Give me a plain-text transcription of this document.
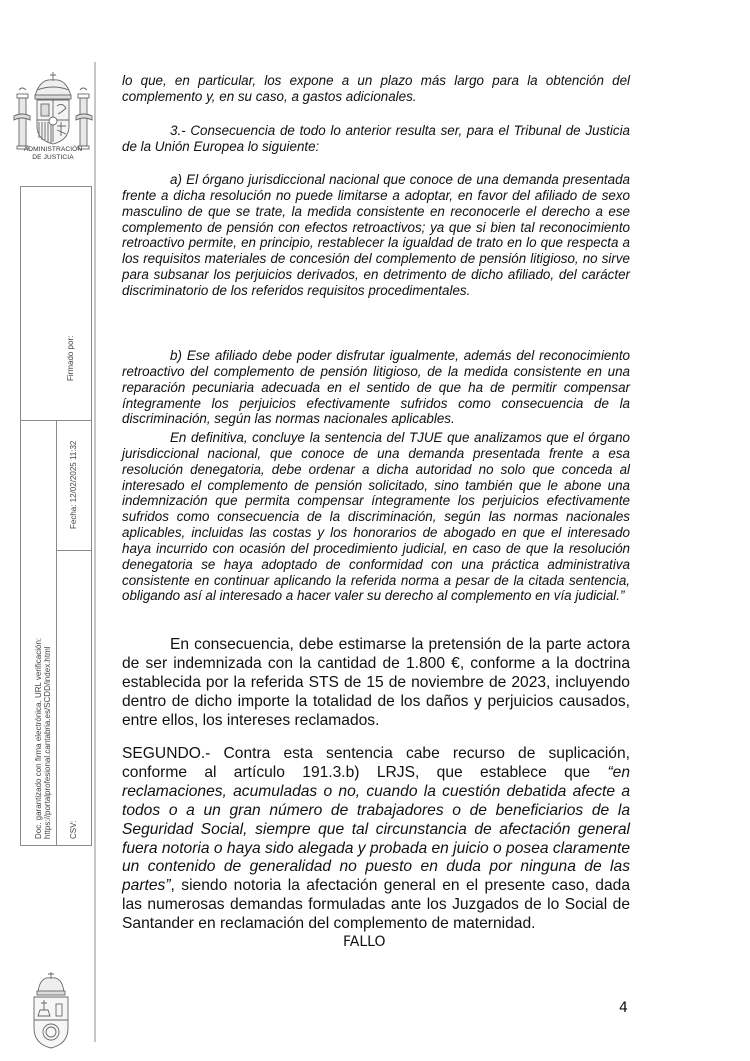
ADMINISTRACIÓN
DE JUSTICIA
Firmado por:
Fecha: 12/02/2025 11:32
Doc. garantizado con firma electrónica. URL verificación: https://portalprofesional.cantabria.es/SCDD/index.html CSV:

lo que, en particular, los expone a un plazo más largo para la obtención del complemento y, en su caso, a gastos adicionales.

3.- Consecuencia de todo lo anterior resulta ser, para el Tribunal de Justicia de la Unión Europea lo siguiente:

a) El órgano jurisdiccional nacional que conoce de una demanda presentada frente a dicha resolución no puede limitarse a adoptar, en favor del afiliado de sexo masculino de que se trate, la medida consistente en reconocerle el derecho a ese complemento de pensión con efectos retroactivos; ya que si bien tal reconocimiento retroactivo permite, en principio, restablecer la igualdad de trato en lo que respecta a los requisitos materiales de concesión del complemento de pensión litigioso, no sirve para subsanar los perjuicios derivados, en detrimento de dicho afiliado, del carácter discriminatorio de los referidos requisitos procedimentales.

b) Ese afiliado debe poder disfrutar igualmente, además del reconocimiento retroactivo del complemento de pensión litigioso, de la medida consistente en una reparación pecuniaria adecuada en el sentido de que ha de permitir compensar íntegramente los perjuicios efectivamente sufridos como consecuencia de la discriminación, según las normas nacionales aplicables.

En definitiva, concluye la sentencia del TJUE que analizamos que el órgano jurisdiccional nacional, que conoce de una demanda presentada frente a esa resolución denegatoria, debe ordenar a dicha autoridad no solo que conceda al interesado el complemento de pensión solicitado, sino también que le abone una indemnización que permita compensar íntegramente los perjuicios efectivamente sufridos como consecuencia de la discriminación, según las normas nacionales aplicables, incluidas las costas y los honorarios de abogado en que el interesado haya incurrido con ocasión del procedimiento judicial, en caso de que la resolución denegatoria se haya adoptado de conformidad con una práctica administrativa consistente en continuar aplicando la referida norma a pesar de la citada sentencia, obligando así al interesado a hacer valer su derecho al complemento en vía judicial.”

En consecuencia, debe estimarse la pretensión de la parte actora de ser indemnizada con la cantidad de 1.800 €, conforme a la doctrina establecida por la referida STS de 15 de noviembre de 2023, incluyendo dentro de dicho importe la totalidad de los daños y perjuicios causados, entre ellos, los intereses reclamados.

SEGUNDO.- Contra esta sentencia cabe recurso de suplicación, conforme al artículo 191.3.b) LRJS, que establece que “en reclamaciones, acumuladas o no, cuando la cuestión debatida afecte a todos o a un gran número de trabajadores o de beneficiarios de la Seguridad Social, siempre que tal circunstancia de afectación general fuera notoria o haya sido alegada y probada en juicio o posea claramente un contenido de generalidad no puesto en duda por ninguna de las partes”, siendo notoria la afectación general en el presente caso, dada las numerosas demandas formuladas ante los Juzgados de lo Social de Santander en reclamación del complemento de maternidad.

FALLO
4
